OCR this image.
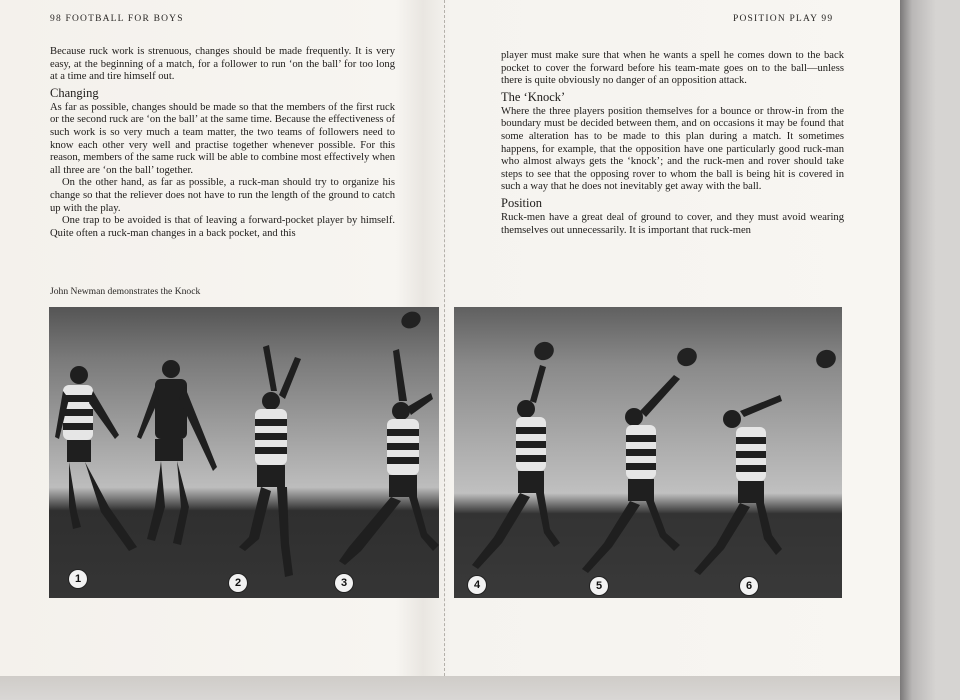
98 FOOTBALL FOR BOYS	POSITION PLAY 99

Because ruck work is strenuous, changes should be made frequently. It is very easy, at the beginning of a match, for a follower to run ‘on the ball’ for too long at a time and tire himself out.

Changing

As far as possible, changes should be made so that the members of the first ruck or the second ruck are ‘on the ball’ at the same time. Because the effectiveness of such work is so very much a team matter, the two teams of followers need to know each other very well and practise together whenever possible. For this reason, members of the same ruck will be able to combine most effectively when all three are ‘on the ball’ together.

On the other hand, as far as possible, a ruck-man should try to organize his change so that the reliever does not have to run the length of the ground to catch up with the play.

One trap to be avoided is that of leaving a forward-pocket player by himself. Quite often a ruck-man changes in a back pocket, and this

player must make sure that when he wants a spell he comes down to the back pocket to cover the forward before his team-mate goes on to the ball—unless there is quite obviously no danger of an opposition attack.

The ‘Knock’

Where the three players position themselves for a bounce or throw-in from the boundary must be decided between them, and on occasions it may be found that some alteration has to be made to this plan during a match. It sometimes happens, for example, that the opposition have one particularly good ruck-man who almost always gets the ‘knock’; and the ruck-men and rover should take steps to see that the opposing rover to whom the ball is being hit is covered in such a way that he does not inevitably get away with the ball.

Position

Ruck-men have a great deal of ground to cover, and they must avoid wearing themselves out unnecessarily. It is important that ruck-men

John Newman demonstrates the Knock
1	2	3	4	5	6
